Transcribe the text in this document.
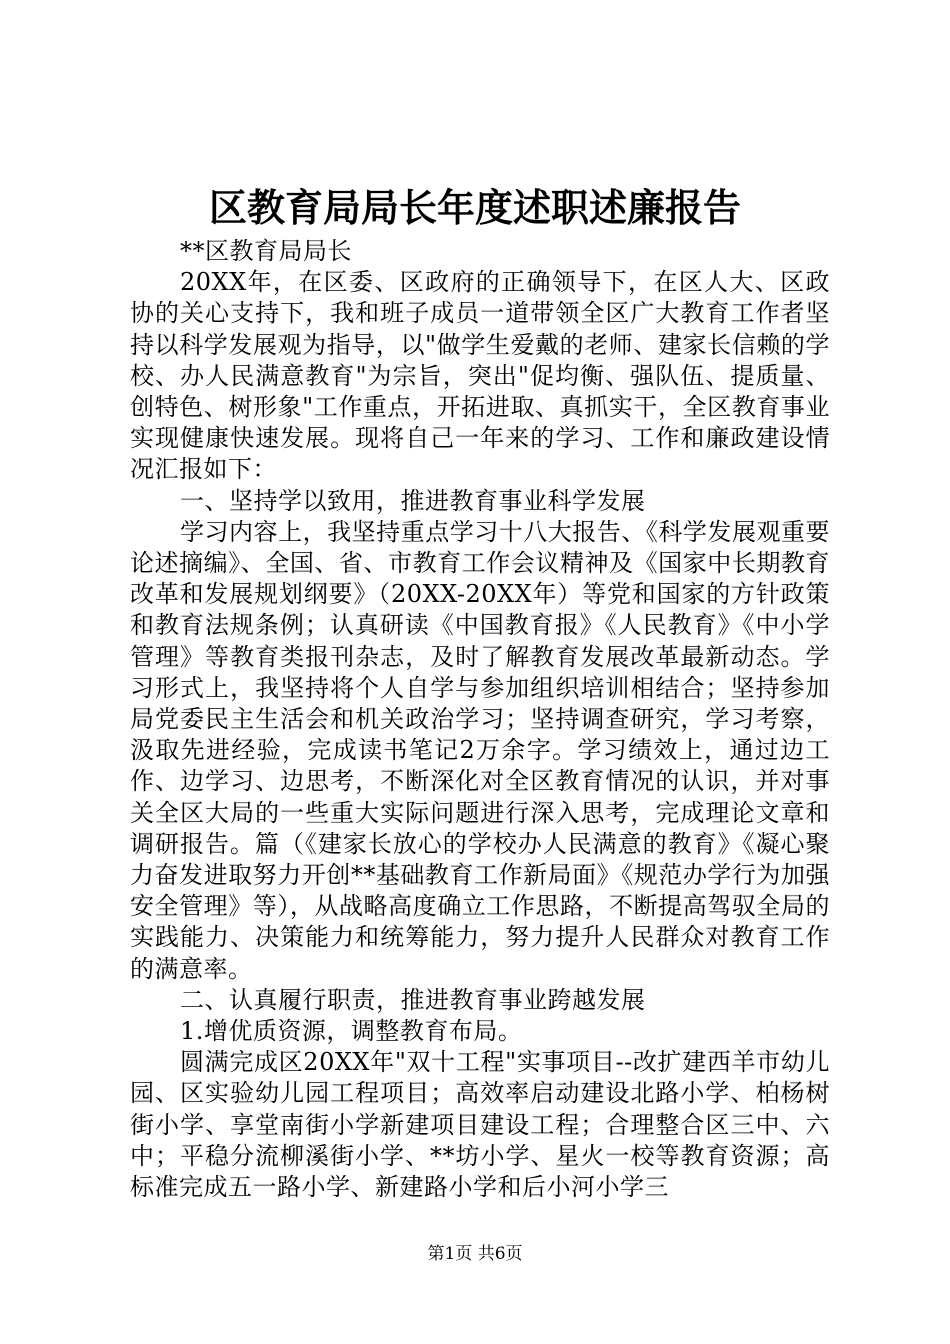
区教育局局长年度述职述廉报告

**区教育局局长

20XX年，在区委、区政府的正确领导下，在区人大、区政协的关心支持下，我和班子成员一道带领全区广大教育工作者坚持以科学发展观为指导，以"做学生爱戴的老师、建家长信赖的学校、办人民满意教育"为宗旨，突出"促均衡、强队伍、提质量、创特色、树形象"工作重点，开拓进取、真抓实干，全区教育事业实现健康快速发展。现将自己一年来的学习、工作和廉政建设情况汇报如下：

一、坚持学以致用，推进教育事业科学发展

学习内容上，我坚持重点学习十八大报告、《科学发展观重要论述摘编》、全国、省、市教育工作会议精神及《国家中长期教育改革和发展规划纲要》（20XX-20XX年）等党和国家的方针政策和教育法规条例；认真研读《中国教育报》《人民教育》《中小学管理》等教育类报刊杂志，及时了解教育发展改革最新动态。学习形式上，我坚持将个人自学与参加组织培训相结合；坚持参加局党委民主生活会和机关政治学习；坚持调查研究，学习考察，汲取先进经验，完成读书笔记2万余字。学习绩效上，通过边工作、边学习、边思考，不断深化对全区教育情况的认识，并对事关全区大局的一些重大实际问题进行深入思考，完成理论文章和调研报告。篇（《建家长放心的学校办人民满意的教育》《凝心聚力奋发进取努力开创**基础教育工作新局面》《规范办学行为加强安全管理》等），从战略高度确立工作思路，不断提高驾驭全局的实践能力、决策能力和统筹能力，努力提升人民群众对教育工作的满意率。

二、认真履行职责，推进教育事业跨越发展

1.增优质资源，调整教育布局。

圆满完成区20XX年"双十工程"实事项目--改扩建西羊市幼儿园、区实验幼儿园工程项目；高效率启动建设北路小学、柏杨树街小学、享堂南街小学新建项目建设工程；合理整合区三中、六中；平稳分流柳溪街小学、**坊小学、星火一校等教育资源；高标准完成五一路小学、新建路小学和后小河小学三

第1页 共6页
